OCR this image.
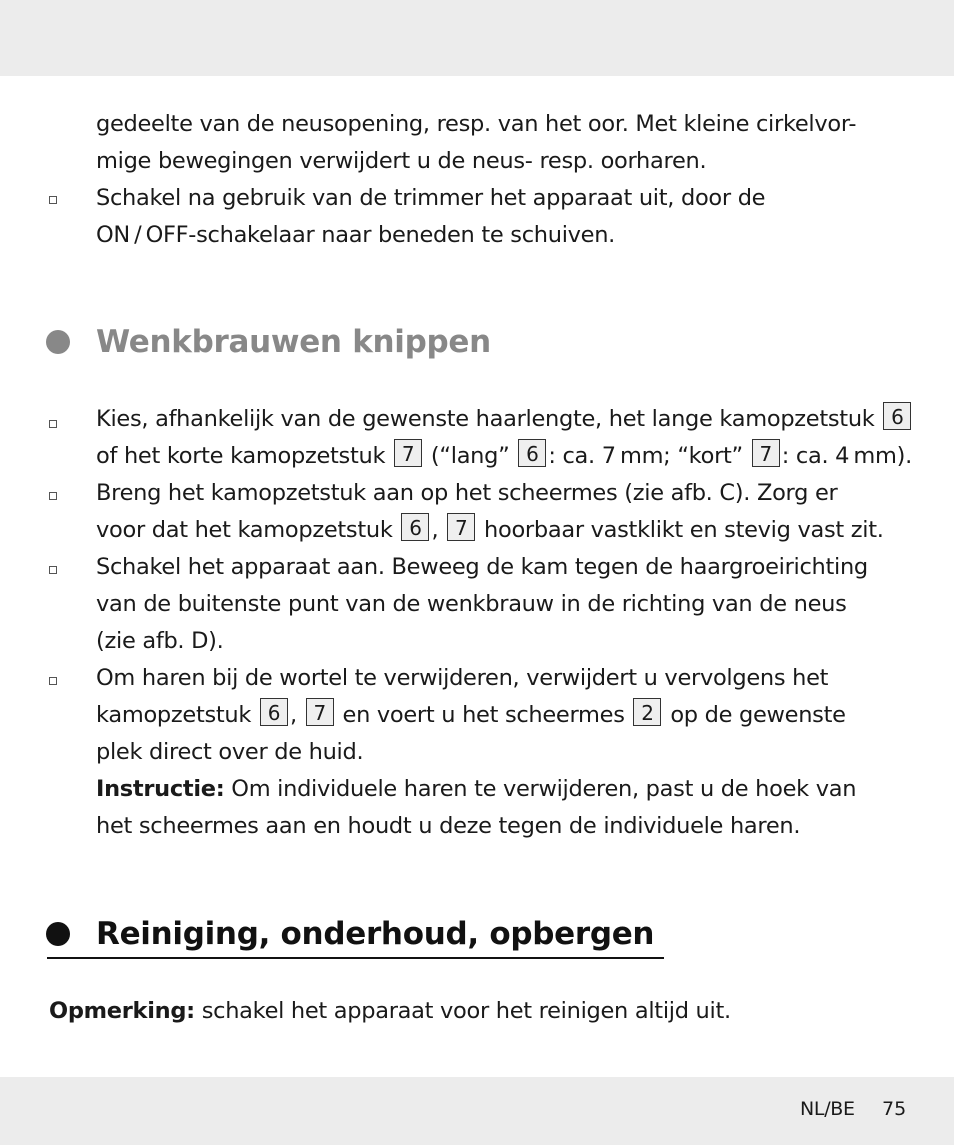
gedeelte van de neusopening, resp. van het oor. Met kleine cirkelvor-
mige bewegingen verwijdert u de neus- resp. oorharen.
Schakel na gebruik van de trimmer het apparaat uit, door de
ON / OFF-schakelaar naar beneden te schuiven.
Wenkbrauwen knippen
Kies, afhankelijk van de gewenste haarlengte, het lange kamopzetstuk 6
of het korte kamopzetstuk 7 (“lang” 6 : ca. 7 mm; “kort” 7 : ca. 4 mm).
Breng het kamopzetstuk aan op het scheermes (zie afb. C). Zorg er
voor dat het kamopzetstuk 6 , 7 hoorbaar vastklikt en stevig vast zit.
Schakel het apparaat aan. Beweeg de kam tegen de haargroeirichting
van de buitenste punt van de wenkbrauw in de richting van de neus
(zie afb. D).
Om haren bij de wortel te verwijderen, verwijdert u vervolgens het
kamopzetstuk 6 , 7 en voert u het scheermes 2 op de gewenste
plek direct over de huid.
Instructie: Om individuele haren te verwijderen, past u de hoek van
het scheermes aan en houdt u deze tegen de individuele haren.
Reiniging, onderhoud, opbergen
Opmerking: schakel het apparaat voor het reinigen altijd uit.
NL/BE 75
